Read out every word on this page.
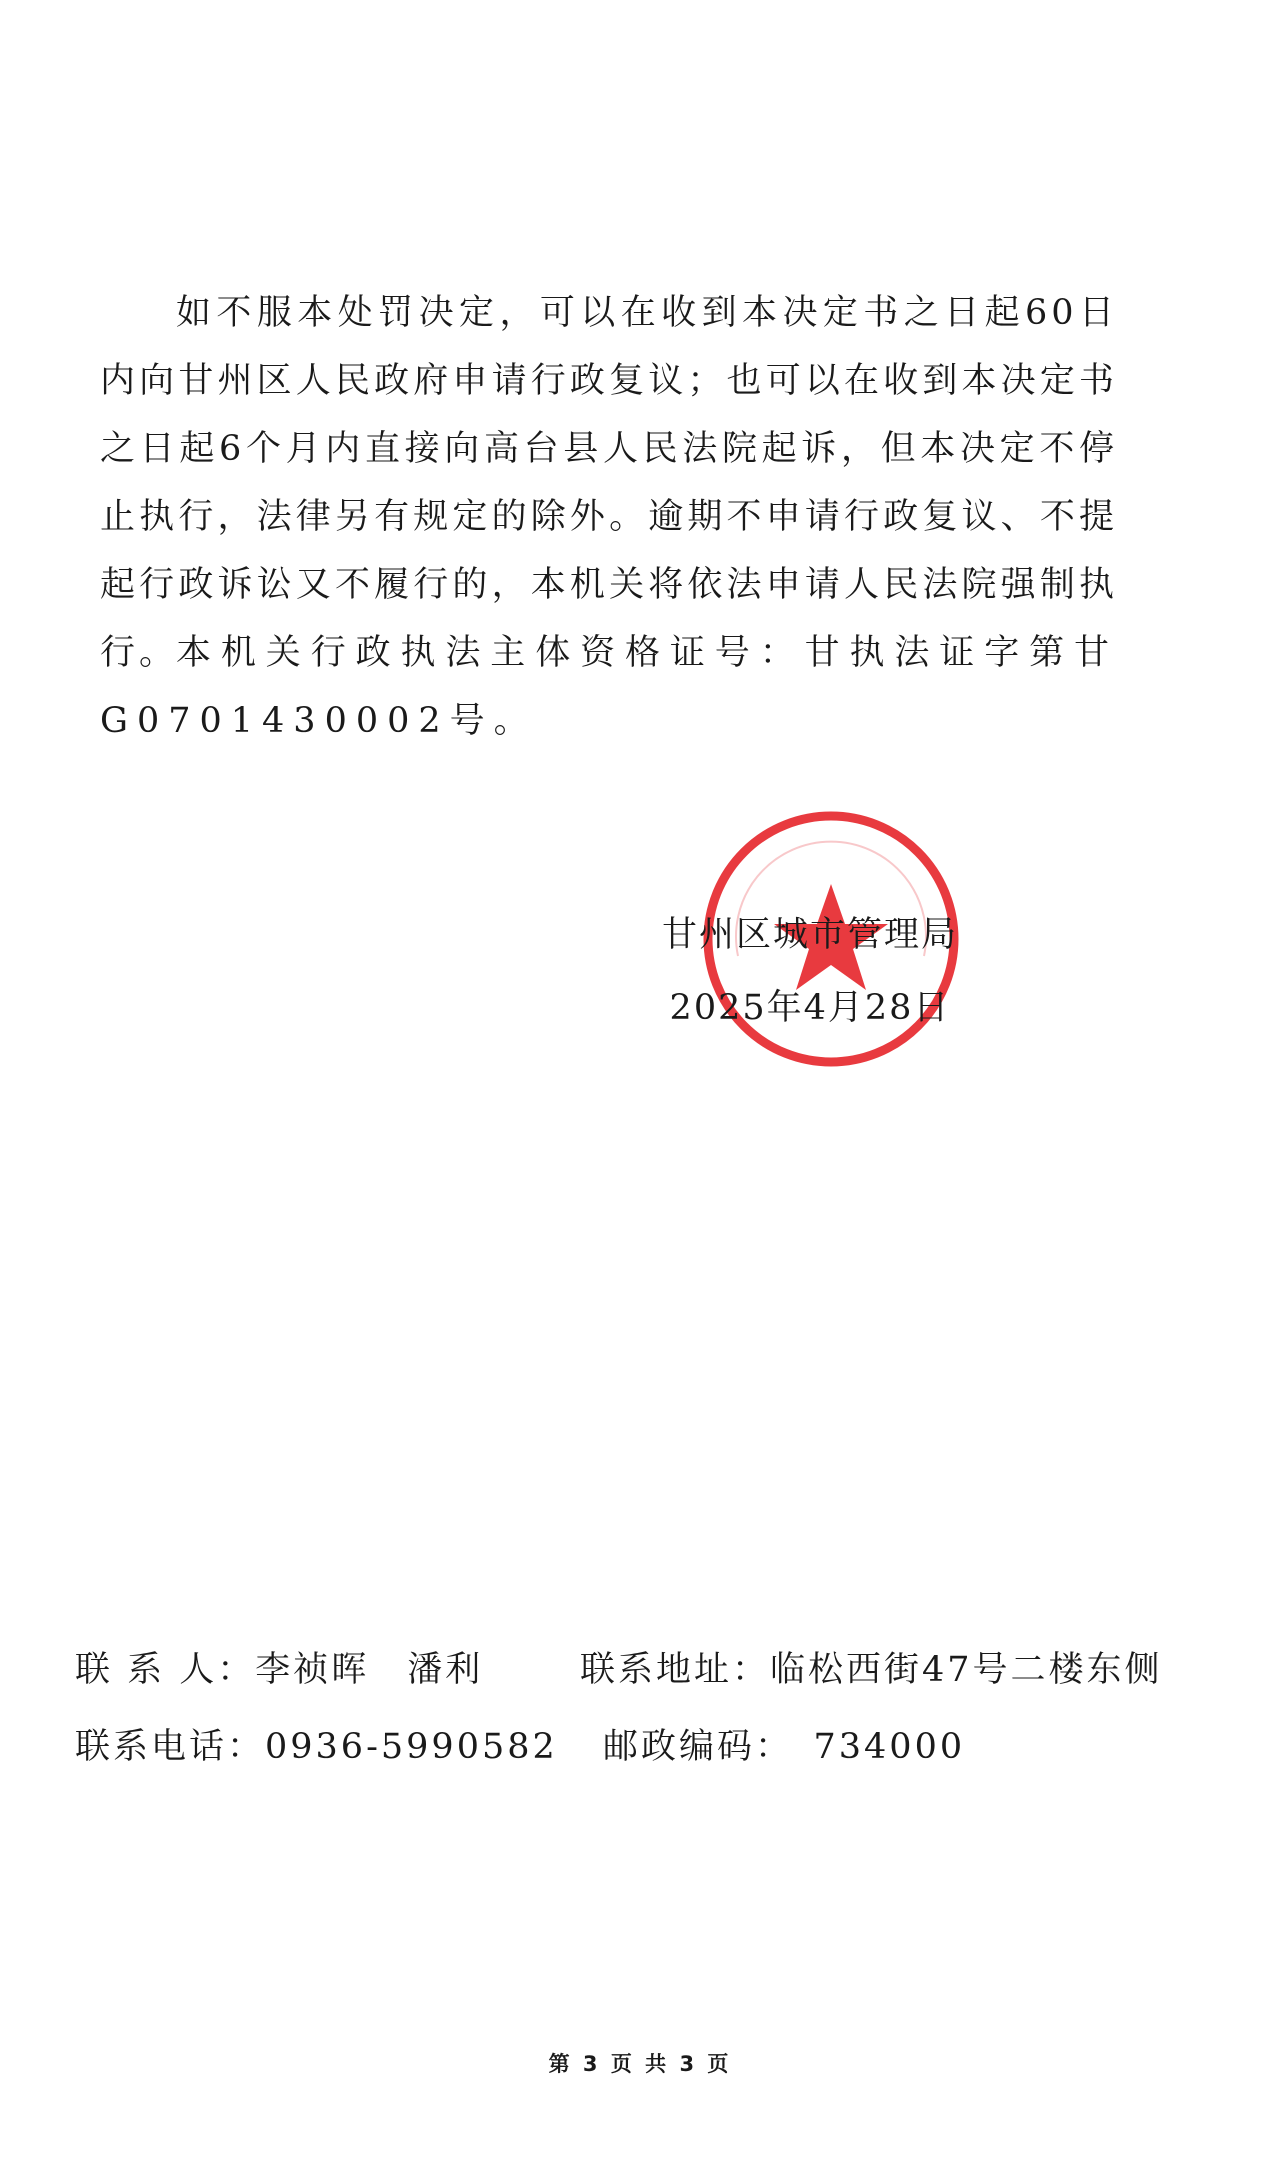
如不服本处罚决定，可以在收到本决定书之日起60日内向甘州区人民政府申请行政复议；也可以在收到本决定书之日起6个月内直接向高台县人民法院起诉，但本决定不停止执行，法律另有规定的除外。逾期不申请行政复议、不提起行政诉讼又不履行的，本机关将依法申请人民法院强制执行。

本机关行政执法主体资格证号：甘执法证字第甘G0701430002号。

甘州区城市管理局

2025年4月28日

联 系 人：李祯晖　潘利	联系地址：临松西街47号二楼东侧

联系电话：0936-5990582 邮政编码：　734000

第 3 页 共 3 页
